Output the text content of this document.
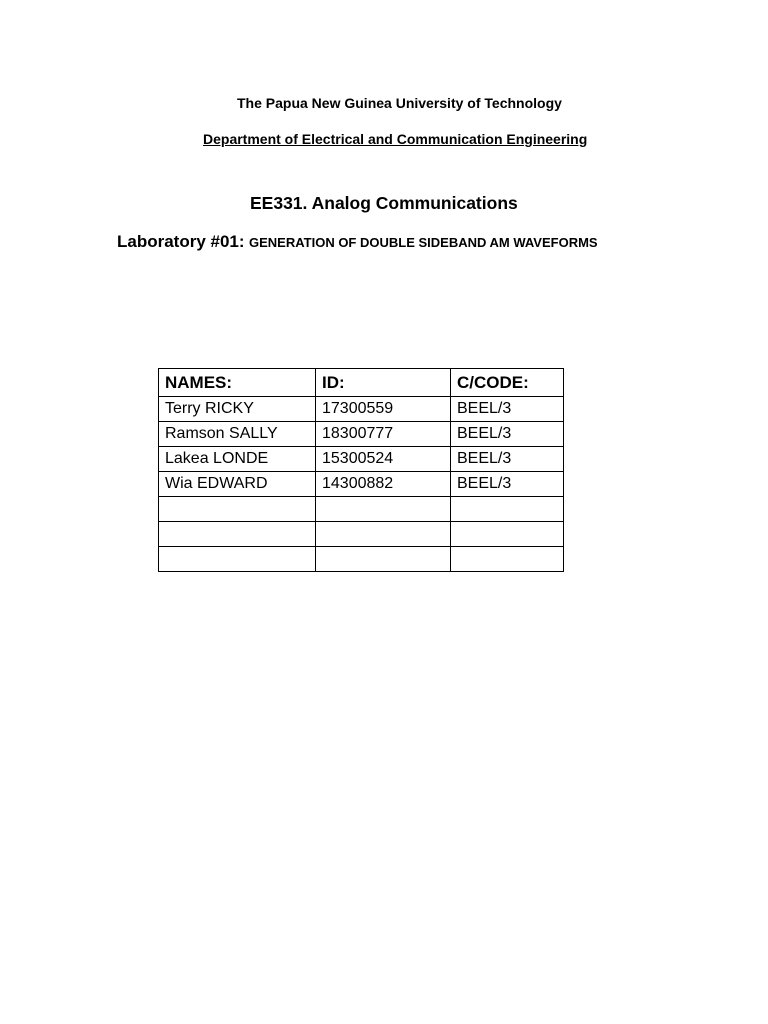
The Papua New Guinea University of Technology
Department of Electrical and Communication Engineering
EE331. Analog Communications
Laboratory #01: GENERATION OF DOUBLE SIDEBAND AM WAVEFORMS
NAMES:	ID:	C/CODE:
Terry RICKY	17300559	BEEL/3
Ramson SALLY	18300777	BEEL/3
Lakea LONDE	15300524	BEEL/3
Wia EDWARD	14300882	BEEL/3
